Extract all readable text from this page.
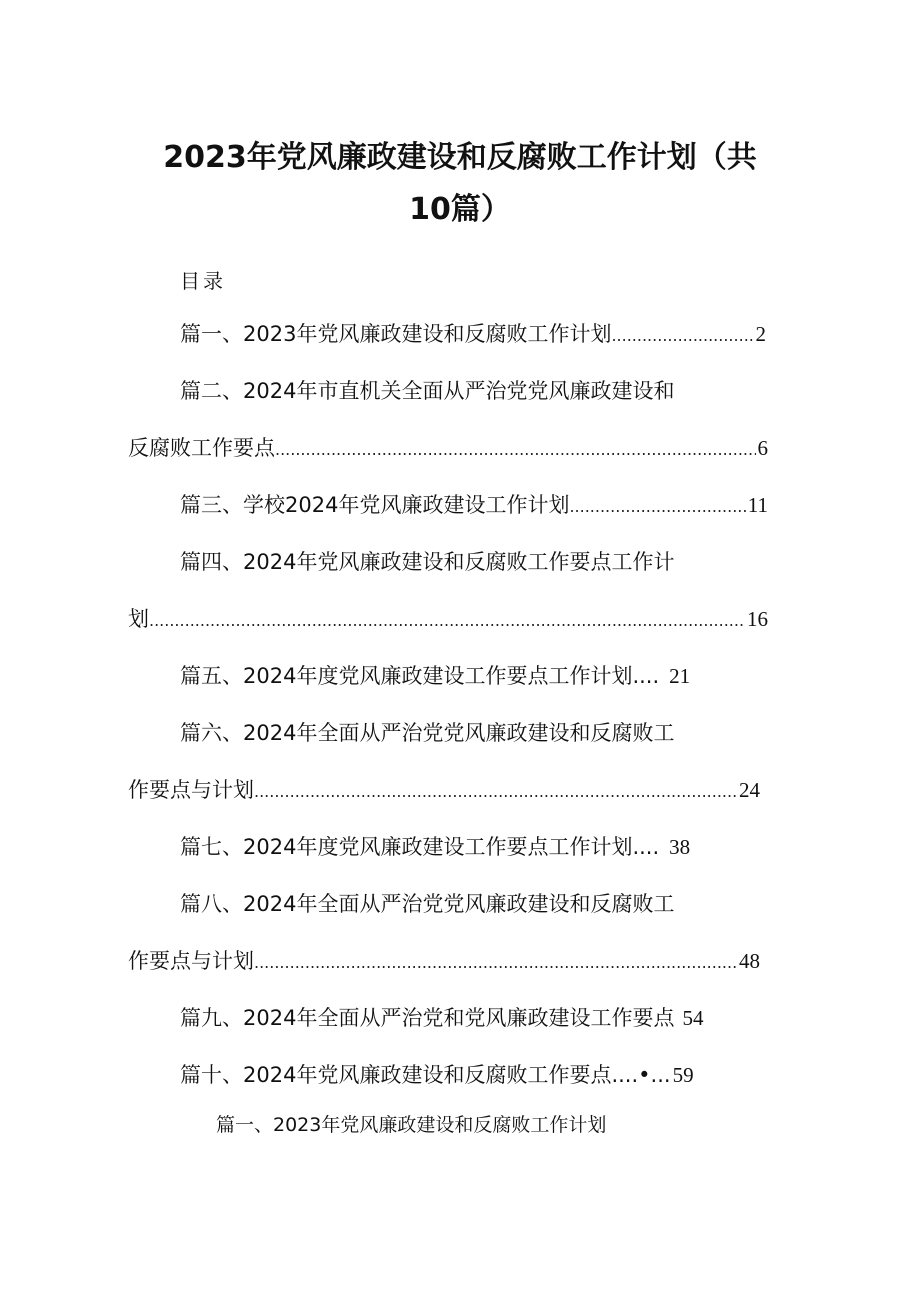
2023年党风廉政建设和反腐败工作计划（共
10篇）
目录
篇一、2023年党风廉政建设和反腐败工作计划 .....	2
篇二、2024年市直机关全面从严治党党风廉政建设和
反腐败工作要点 .....	6
篇三、学校2024年党风廉政建设工作计划 .....	11
篇四、2024年党风廉政建设和反腐败工作要点工作计
划 .....	16
篇五、2024年度党风廉政建设工作要点工作计划.... 21
篇六、2024年全面从严治党党风廉政建设和反腐败工
作要点与计划 .....	24
篇七、2024年度党风廉政建设工作要点工作计划.... 38
篇八、2024年全面从严治党党风廉政建设和反腐败工
作要点与计划 .....	48
篇九、2024年全面从严治党和党风廉政建设工作要点 54
篇十、2024年党风廉政建设和反腐败工作要点....•... 59
篇一、2023年党风廉政建设和反腐败工作计划
